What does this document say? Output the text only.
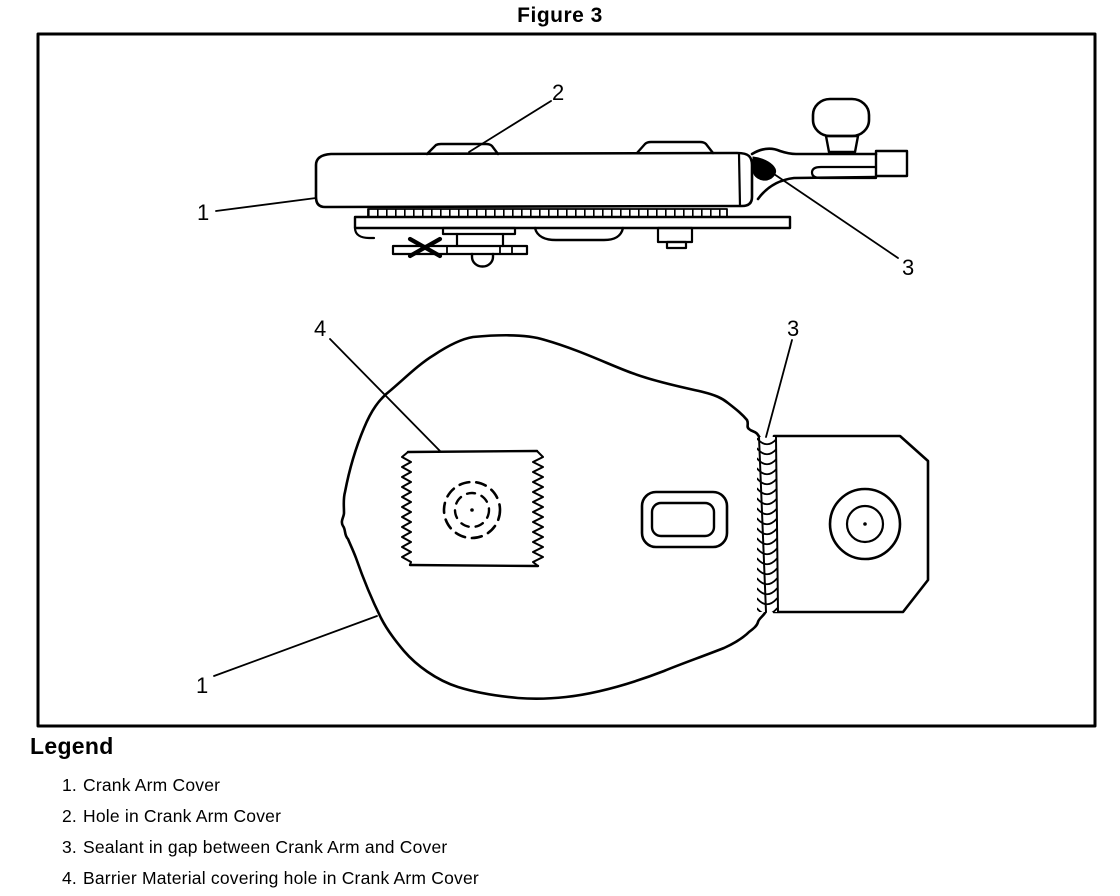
Figure 3
1
2
3
4	3
1
Legend
1. Crank Arm Cover
2. Hole in Crank Arm Cover
3. Sealant in gap between Crank Arm and Cover
4. Barrier Material covering hole in Crank Arm Cover
